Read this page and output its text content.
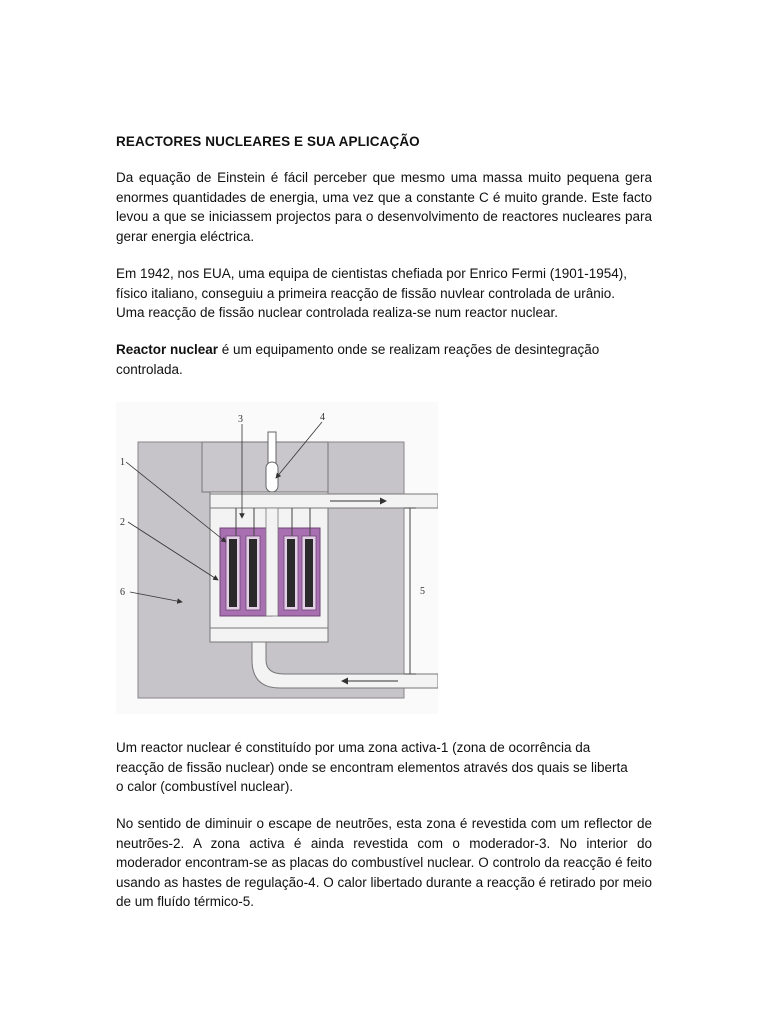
REACTORES NUCLEARES E SUA APLICAÇÃO

Da equação de Einstein é fácil perceber que mesmo uma massa muito pequena gera enormes quantidades de energia, uma vez que a constante C é muito grande. Este facto levou a que se iniciassem projectos para o desenvolvimento de reactores nucleares para gerar energia eléctrica.

Em 1942, nos EUA, uma equipa de cientistas chefiada por Enrico Fermi (1901-1954),
físico italiano, conseguiu a primeira reacção de fissão nuvlear controlada de urânio.
Uma reacção de fissão nuclear controlada realiza-se num reactor nuclear.

Reactor nuclear é um equipamento onde se realizam reações de desintegração
controlada.

1
2
3	4
5
6

Um reactor nuclear é constituído por uma zona activa-1 (zona de ocorrência da
reacção de fissão nuclear) onde se encontram elementos através dos quais se liberta
o calor (combustível nuclear).

No sentido de diminuir o escape de neutrões, esta zona é revestida com um reflector de neutrões-2. A zona activa é ainda revestida com o moderador-3. No interior do moderador encontram-se as placas do combustível nuclear. O controlo da reacção é feito usando as hastes de regulação-4. O calor libertado durante a reacção é retirado por meio de um fluído térmico-5.
